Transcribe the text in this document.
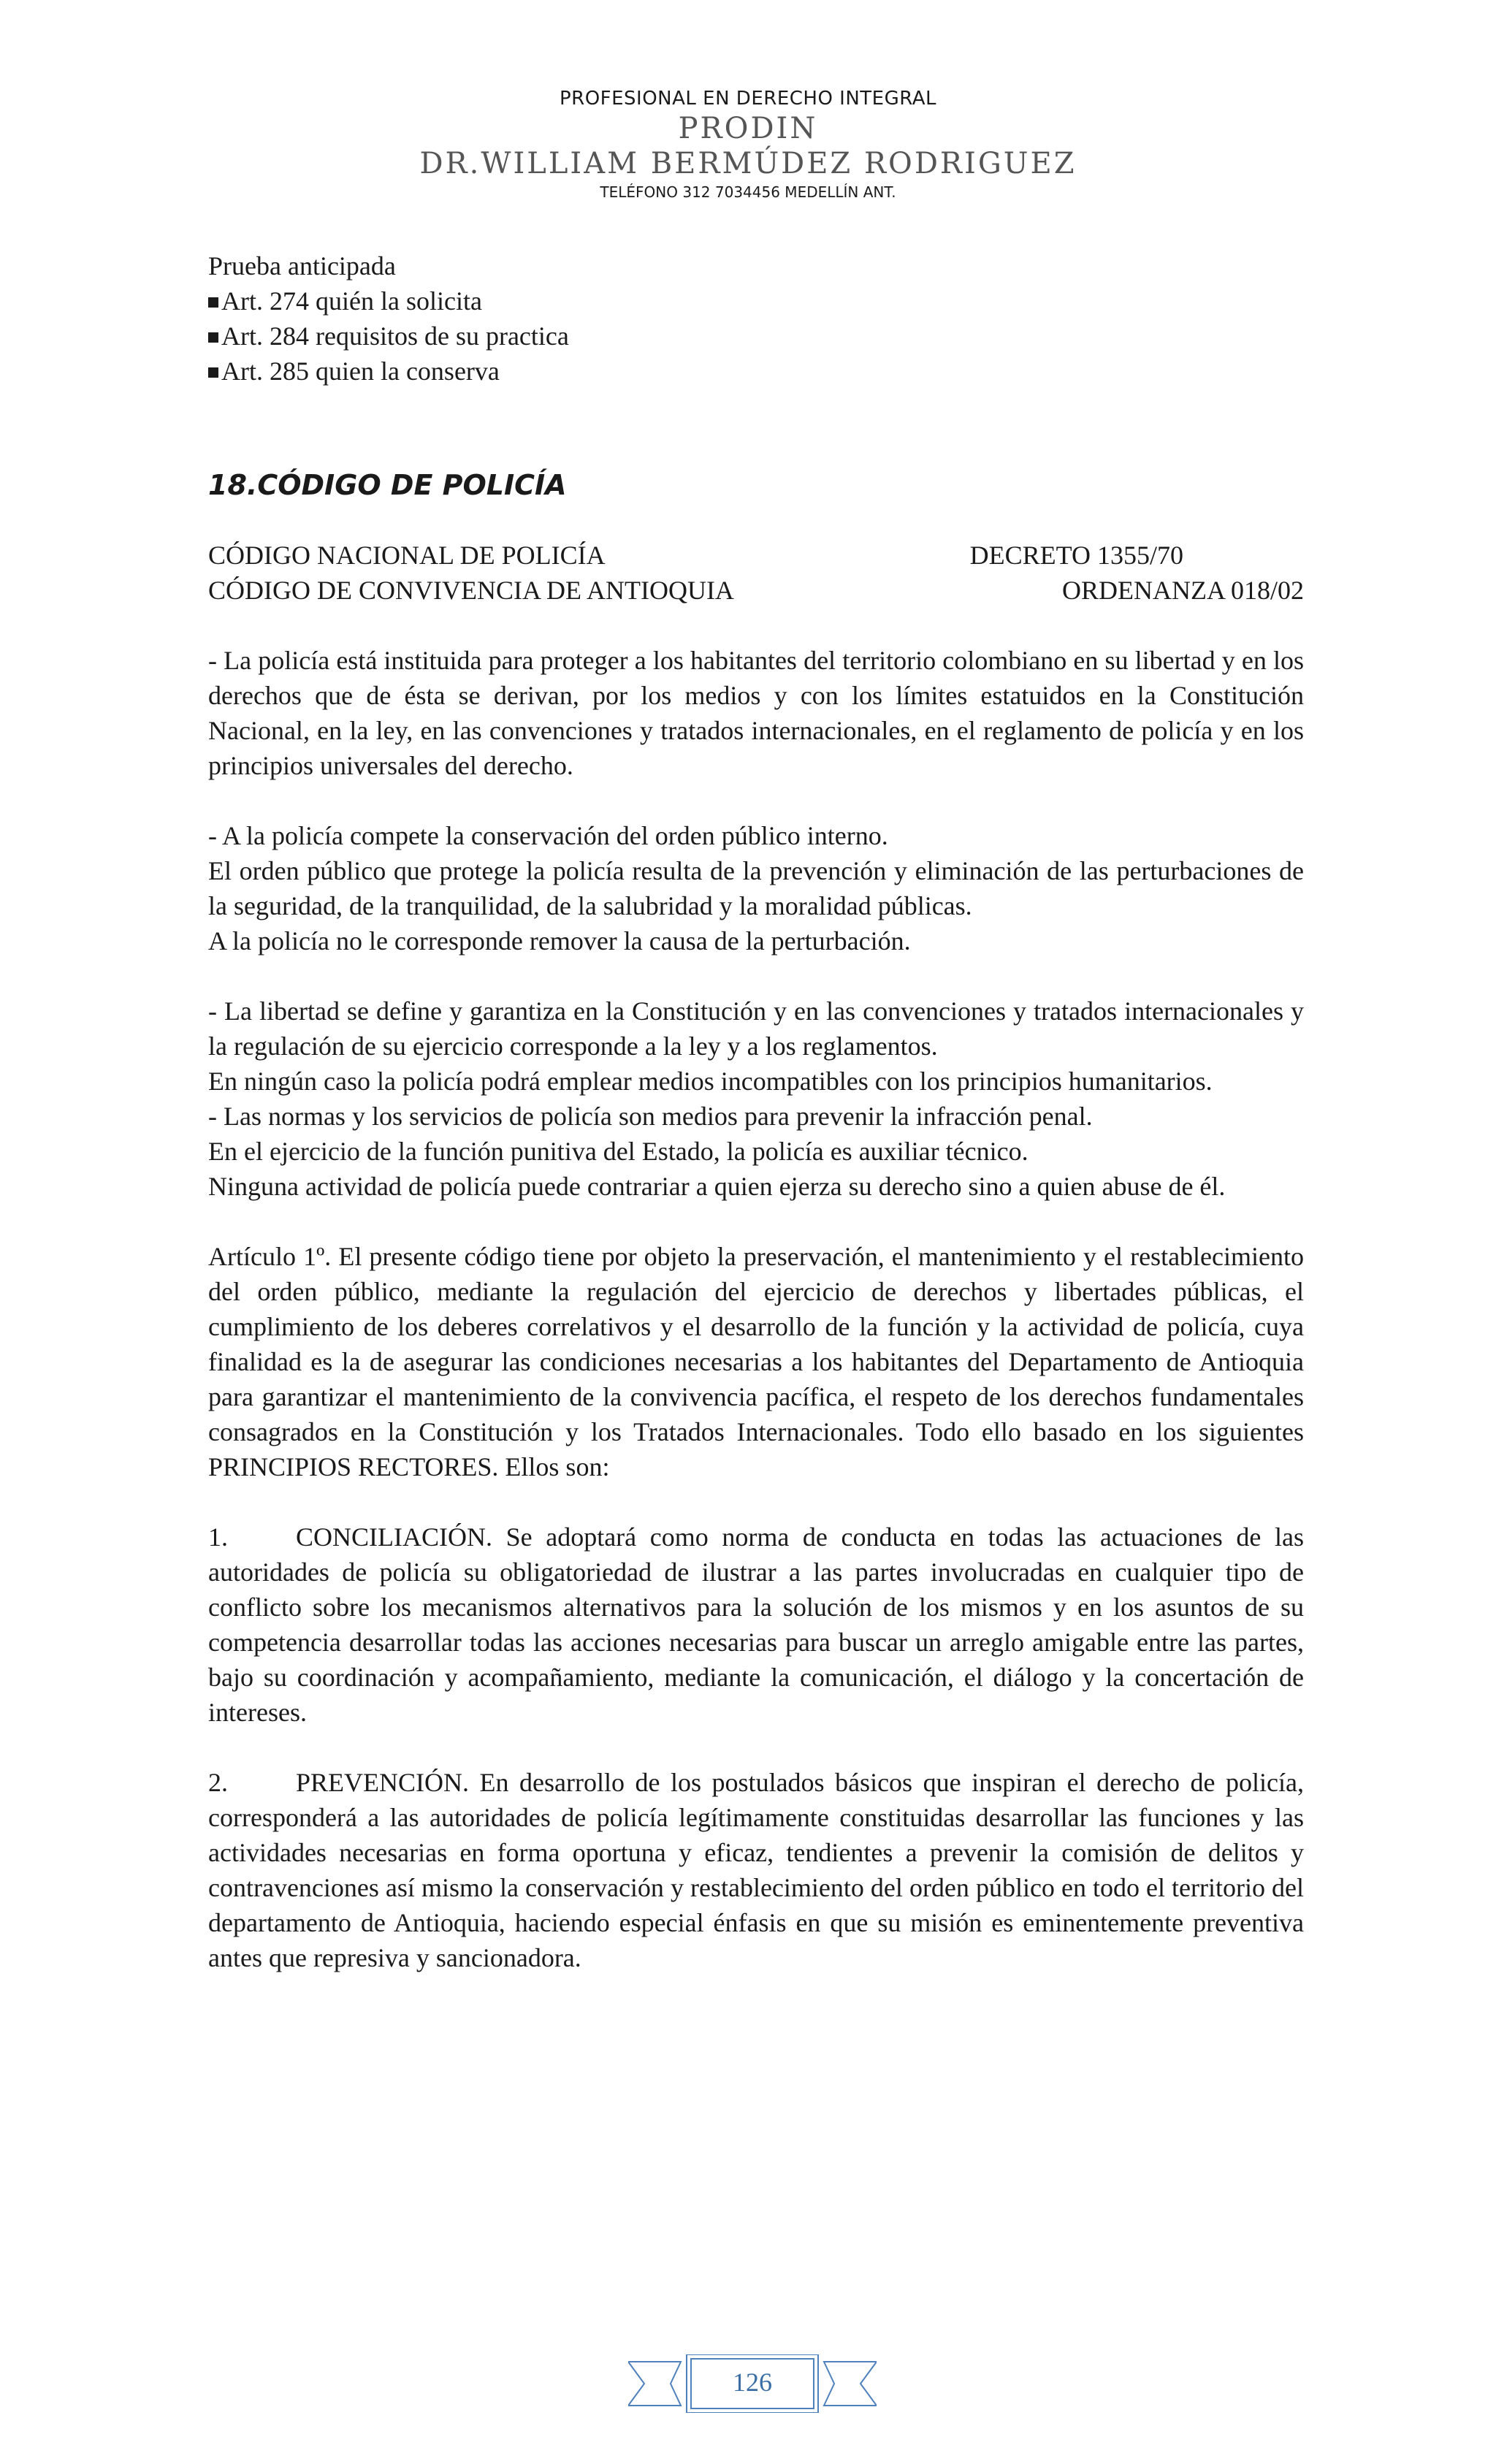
PROFESIONAL EN DERECHO INTEGRAL
PRODIN
DR.WILLIAM BERMÚDEZ RODRIGUEZ
TELÉFONO 312 7034456 MEDELLÍN ANT.
Prueba anticipada
Art. 274 quién la solicita
Art. 284 requisitos de su practica
Art. 285 quien la conserva
18.CÓDIGO DE POLICÍA
CÓDIGO NACIONAL DE POLICÍA	DECRETO 1355/70
CÓDIGO DE CONVIVENCIA DE ANTIOQUIA	ORDENANZA 018/02

- La policía está instituida para proteger a los habitantes del territorio colombiano en su libertad y en los derechos que de ésta se derivan, por los medios y con los límites estatuidos en la Constitución Nacional, en la ley, en las convenciones y tratados internacionales, en el reglamento de policía y en los principios universales del derecho.

- A la policía compete la conservación del orden público interno.

El orden público que protege la policía resulta de la prevención y eliminación de las perturbaciones de la seguridad, de la tranquilidad, de la salubridad y la moralidad públicas.

A la policía no le corresponde remover la causa de la perturbación.

- La libertad se define y garantiza en la Constitución y en las convenciones y tratados internacionales y la regulación de su ejercicio corresponde a la ley y a los reglamentos.

En ningún caso la policía podrá emplear medios incompatibles con los principios humanitarios.

- Las normas y los servicios de policía son medios para prevenir la infracción penal.

En el ejercicio de la función punitiva del Estado, la policía es auxiliar técnico.

Ninguna actividad de policía puede contrariar a quien ejerza su derecho sino a quien abuse de él.

Artículo 1º. El presente código tiene por objeto la preservación, el mantenimiento y el restablecimiento del orden público, mediante la regulación del ejercicio de derechos y libertades públicas, el cumplimiento de los deberes correlativos y el desarrollo de la función y la actividad de policía, cuya finalidad es la de asegurar las condiciones necesarias a los habitantes del Departamento de Antioquia para garantizar el mantenimiento de la convivencia pacífica, el respeto de los derechos fundamentales consagrados en la Constitución y los Tratados Internacionales. Todo ello basado en los siguientes PRINCIPIOS RECTORES. Ellos son:

1.	CONCILIACIÓN. Se adoptará como norma de conducta en todas las actuaciones de las autoridades de policía su obligatoriedad de ilustrar a las partes involucradas en cualquier tipo de conflicto sobre los mecanismos alternativos para la solución de los mismos y en los asuntos de su competencia desarrollar todas las acciones necesarias para buscar un arreglo amigable entre las partes, bajo su coordinación y acompañamiento, mediante la comunicación, el diálogo y la concertación de intereses.

2.	PREVENCIÓN. En desarrollo de los postulados básicos que inspiran el derecho de policía, corresponderá a las autoridades de policía legítimamente constituidas desarrollar las funciones y las actividades necesarias en forma oportuna y eficaz, tendientes a prevenir la comisión de delitos y contravenciones así mismo la conservación y restablecimiento del orden público en todo el territorio del departamento de Antioquia, haciendo especial énfasis en que su misión es eminentemente preventiva antes que represiva y sancionadora.

126
